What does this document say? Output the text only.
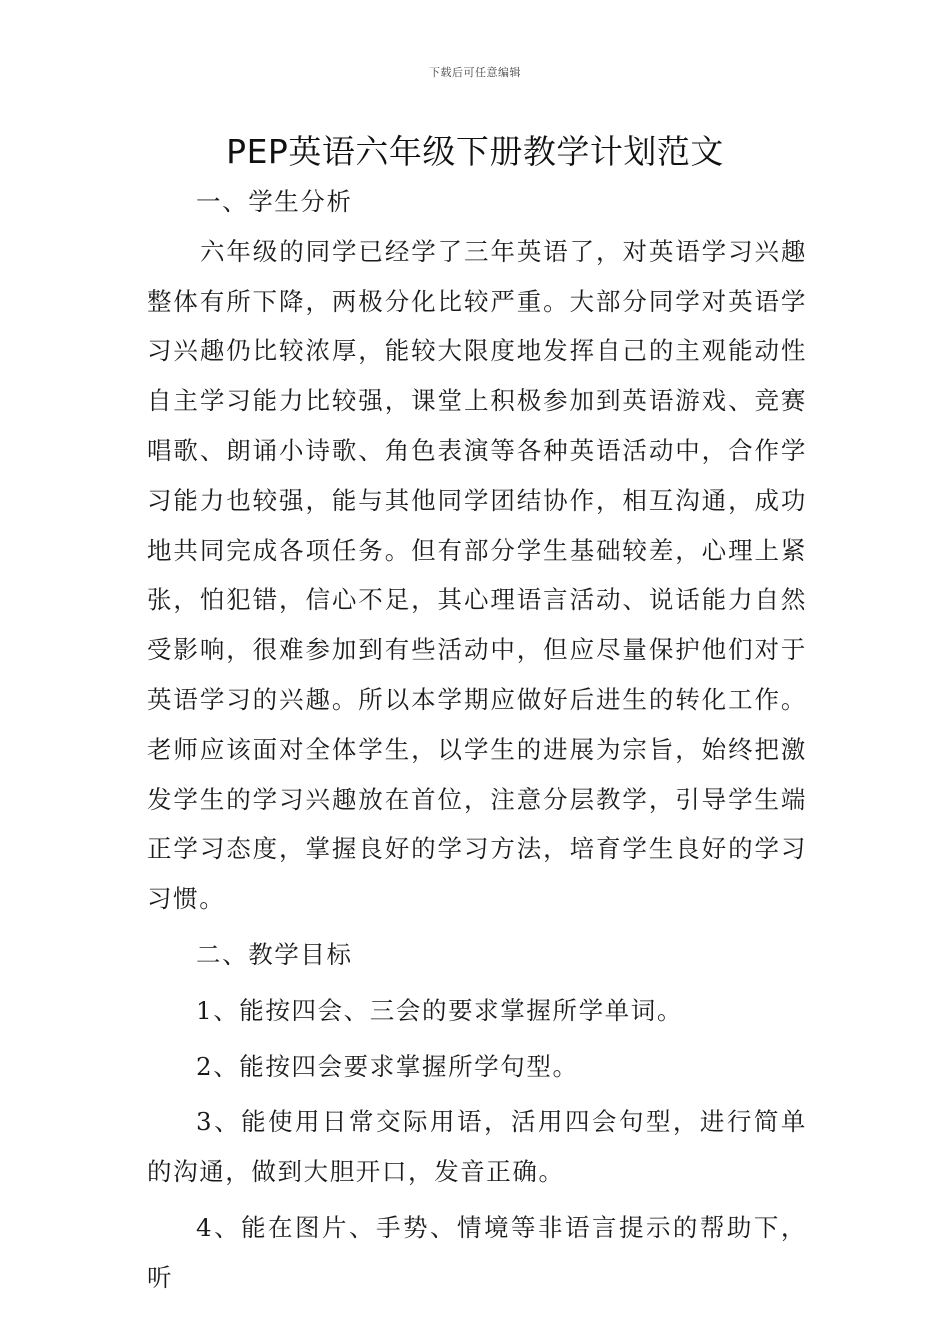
下载后可任意编辑
PEP英语六年级下册教学计划范文

一、学生分析

六年级的同学已经学了三年英语了，对英语学习兴趣整体有所下降，两极分化比较严重。大部分同学对英语学习兴趣仍比较浓厚，能较大限度地发挥自己的主观能动性自主学习能力比较强，课堂上积极参加到英语游戏、竞赛唱歌、朗诵小诗歌、角色表演等各种英语活动中，合作学习能力也较强，能与其他同学团结协作，相互沟通，成功地共同完成各项任务。但有部分学生基础较差，心理上紧张，怕犯错，信心不足，其心理语言活动、说话能力自然受影响，很难参加到有些活动中，但应尽量保护他们对于英语学习的兴趣。所以本学期应做好后进生的转化工作。老师应该面对全体学生，以学生的进展为宗旨，始终把激发学生的学习兴趣放在首位，注意分层教学，引导学生端正学习态度，掌握良好的学习方法，培育学生良好的学习习惯。

二、教学目标

1、能按四会、三会的要求掌握所学单词。

2、能按四会要求掌握所学句型。

3、能使用日常交际用语，活用四会句型，进行简单的沟通，做到大胆开口，发音正确。

4、能在图片、手势、情境等非语言提示的帮助下，听
